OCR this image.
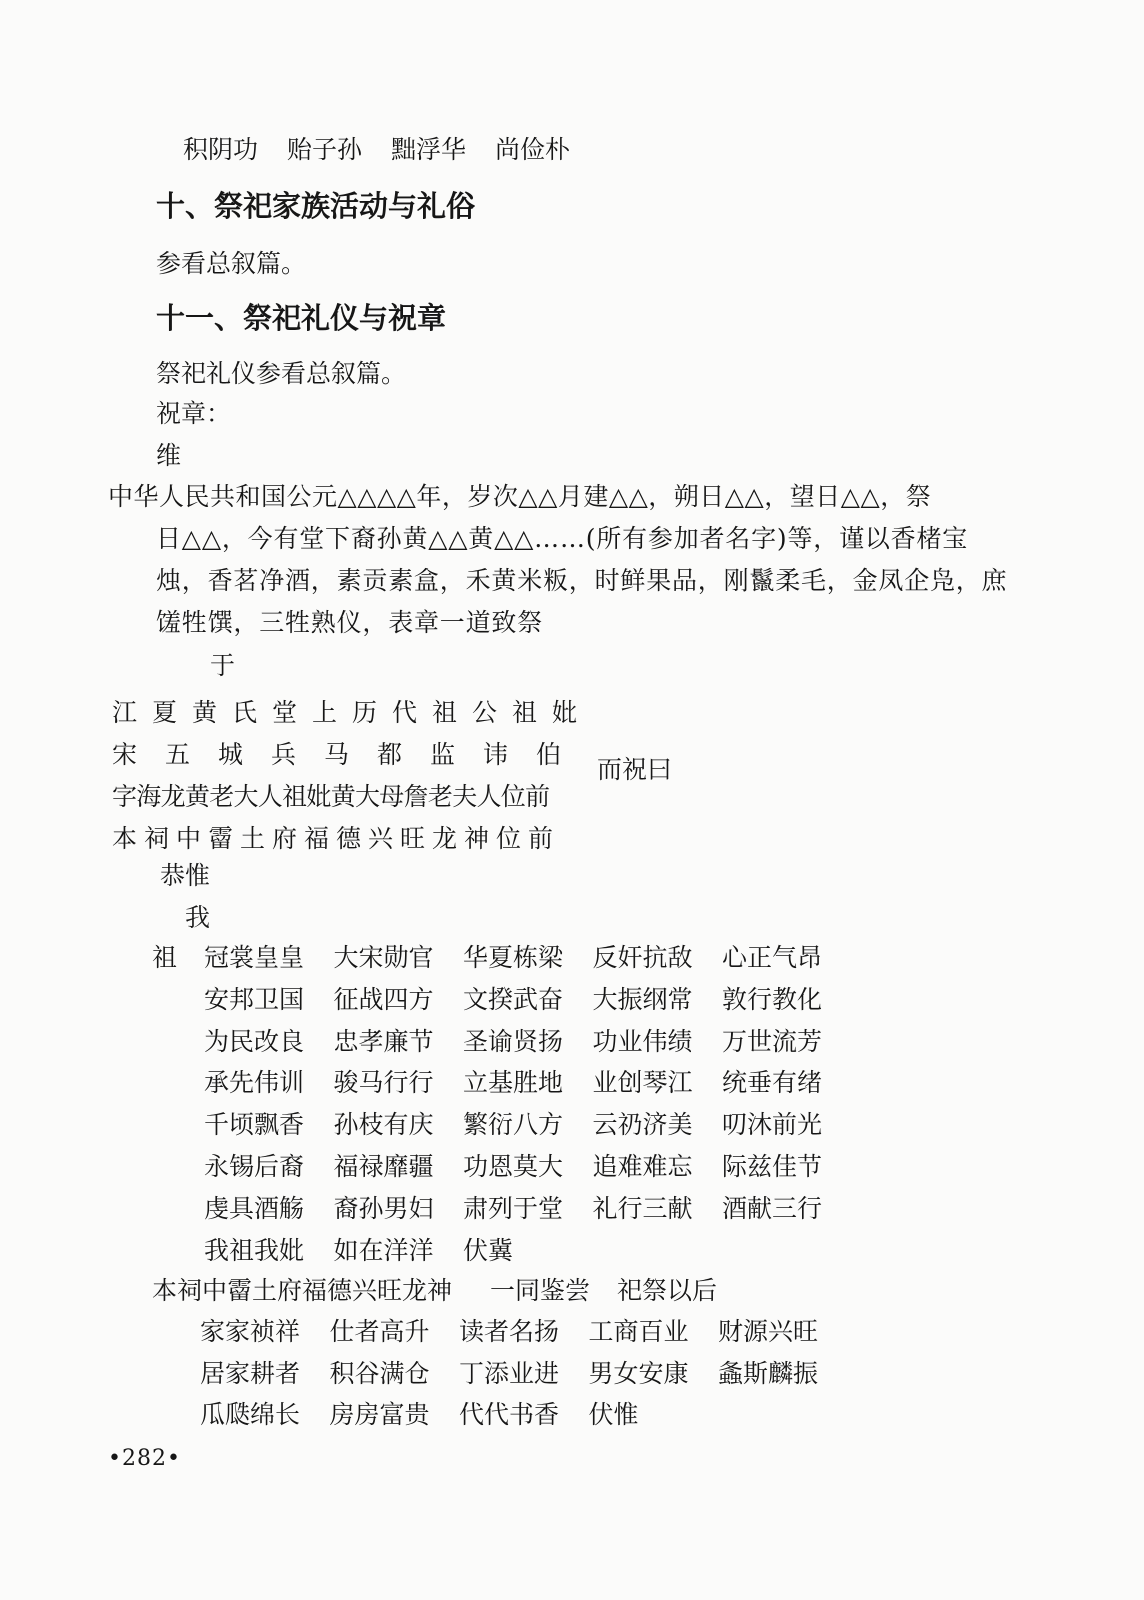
积阴功 贻子孙 黜浮华 尚俭朴
十、祭祀家族活动与礼俗
参看总叙篇。
十一、祭祀礼仪与祝章
祭祀礼仪参看总叙篇。
祝章：
维
中华人民共和国公元△△△△年，岁次△△月建△△，朔日△△，望日△△，祭
日△△，今有堂下裔孙黄△△黄△△……(所有参加者名字)等，谨以香楮宝
烛，香茗净酒，素贡素盒，禾黄米粄，时鲜果品，刚鬣柔毛，金凤企凫，庶
馐牲馔，三牲熟仪，表章一道致祭
于
江夏黄氏堂上历代祖公祖妣
宋五城兵马都监讳伯
字海龙黄老大人祖妣黄大母詹老夫人位前
本祠中霤土府福德兴旺龙神位前
而祝曰
恭惟
我
祖 冠裳皇皇 大宋勋官 华夏栋梁 反奸抗敌 心正气昂
安邦卫国 征战四方 文揆武奋 大振纲常 敦行教化
为民改良 忠孝廉节 圣谕贤扬 功业伟绩 万世流芳
承先伟训 骏马行行 立基胜地 业创琴江 统垂有绪
千顷飘香 孙枝有庆 繁衍八方 云礽济美 叨沐前光
永锡后裔 福禄靡疆 功恩莫大 追难难忘 际兹佳节
虔具酒觞 裔孙男妇 肃列于堂 礼行三献 酒献三行
我祖我妣 如在洋洋 伏冀
本祠中霤土府福德兴旺龙神 一同鉴尝 祀祭以后
家家祯祥 仕者高升 读者名扬 工商百业 财源兴旺
居家耕者 积谷满仓 丁添业进 男女安康 螽斯麟振
瓜瓞绵长 房房富贵 代代书香 伏惟
•282•
